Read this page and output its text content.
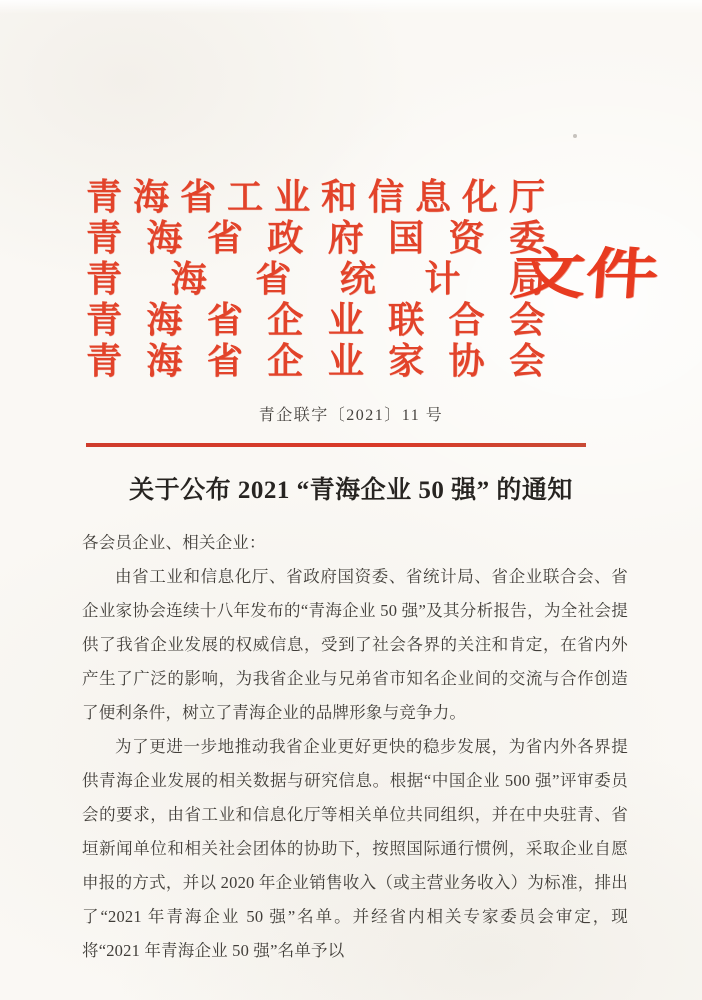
青海省工业和信息化厅
青海省政府国资委
青海省统计局
青海省企业联合会
青海省企业家协会
文件
青企联字〔2021〕11 号
关于公布 2021 “青海企业 50 强” 的通知

各会员企业、相关企业：

由省工业和信息化厅、省政府国资委、省统计局、省企业联合会、省企业家协会连续十八年发布的“青海企业 50 强”及其分析报告，为全社会提供了我省企业发展的权威信息，受到了社会各界的关注和肯定，在省内外产生了广泛的影响，为我省企业与兄弟省市知名企业间的交流与合作创造了便利条件，树立了青海企业的品牌形象与竞争力。

为了更进一步地推动我省企业更好更快的稳步发展，为省内外各界提供青海企业发展的相关数据与研究信息。根据“中国企业 500 强”评审委员会的要求，由省工业和信息化厅等相关单位共同组织，并在中央驻青、省垣新闻单位和相关社会团体的协助下，按照国际通行惯例，采取企业自愿申报的方式，并以 2020 年企业销售收入（或主营业务收入）为标准，排出了“2021 年青海企业 50 强”名单。并经省内相关专家委员会审定，现将“2021 年青海企业 50 强”名单予以
